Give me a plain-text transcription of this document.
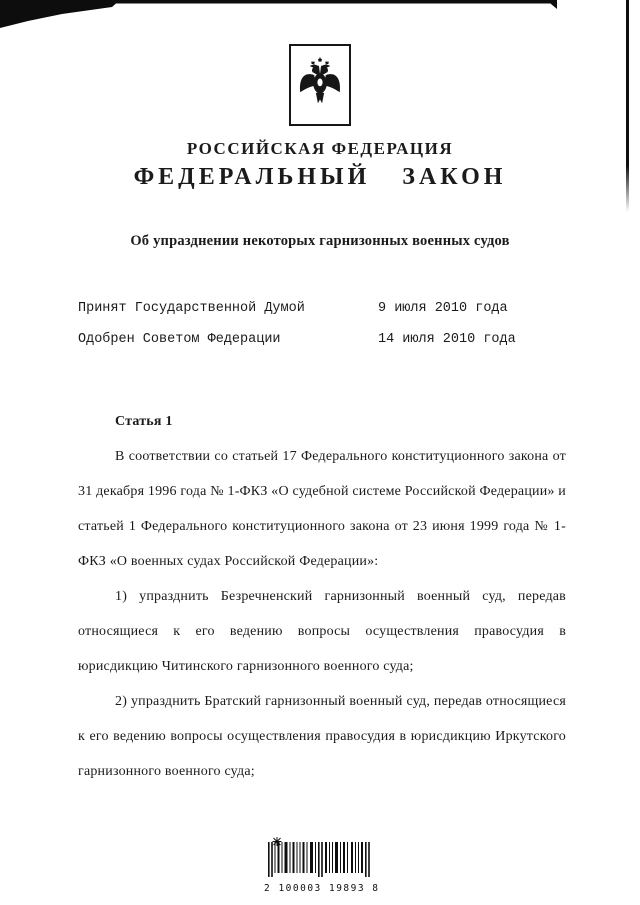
РОССИЙСКАЯ ФЕДЕРАЦИЯ
ФЕДЕРАЛЬНЫЙ ЗАКОН
Об упразднении некоторых гарнизонных военных судов
Принят Государственной Думой	9 июля 2010 года
Одобрен Советом Федерации	14 июля 2010 года

Статья 1

В соответствии со статьей 17 Федерального конституционного закона от 31 декабря 1996 года № 1-ФКЗ «О судебной системе Российской Федерации» и статьей 1 Федерального конституционного закона от 23 июня 1999 года № 1-ФКЗ «О военных судах Российской Федерации»:

1) упразднить Безречненский гарнизонный военный суд, передав относящиеся к его ведению вопросы осуществления правосудия в юрисдикцию Читинского гарнизонного военного суда;

2) упразднить Братский гарнизонный военный суд, передав относящиеся к его ведению вопросы осуществления правосудия в юрисдикцию Иркутского гарнизонного военного суда;

2 100003 19893 8
